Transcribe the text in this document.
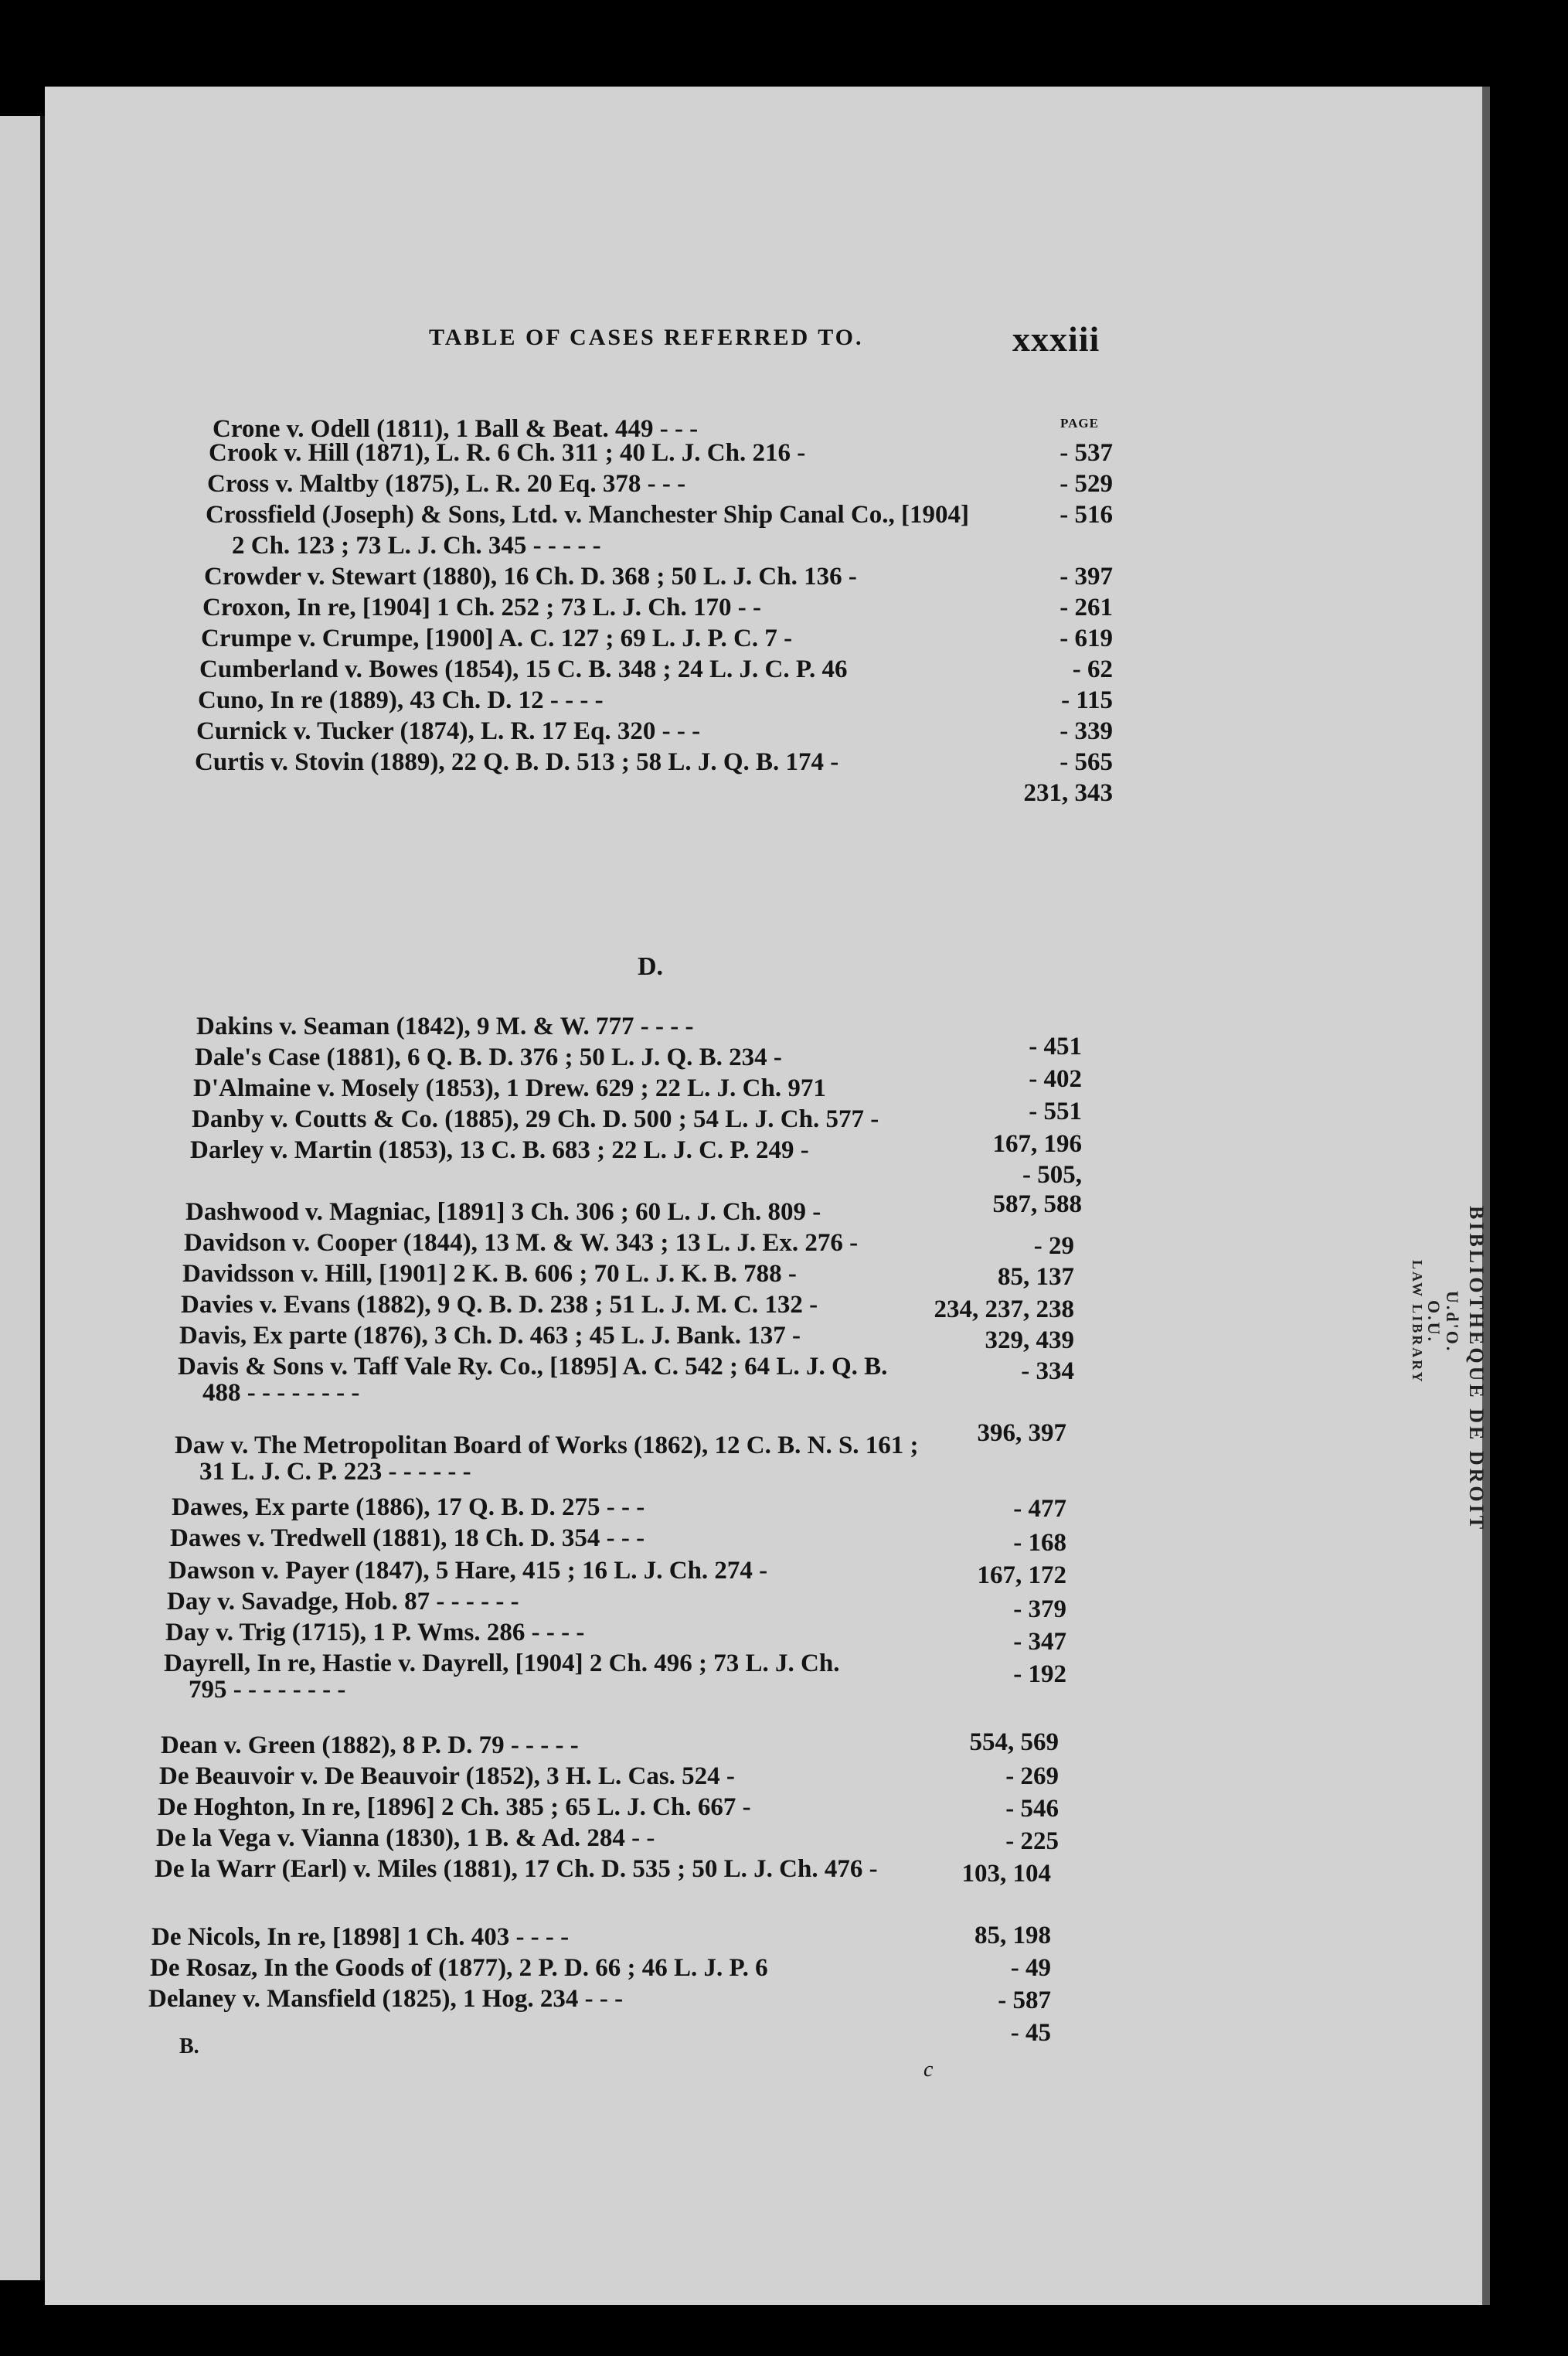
TABLE OF CASES REFERRED TO.	xxxiii
PAGE
Crone v. Odell (1811), 1 Ball & Beat. 449 - - -
Crook v. Hill (1871), L. R. 6 Ch. 311 ; 40 L. J. Ch. 216 -
Cross v. Maltby (1875), L. R. 20 Eq. 378 - - -
Crossfield (Joseph) & Sons, Ltd. v. Manchester Ship Canal Co., [1904]
2 Ch. 123 ; 73 L. J. Ch. 345 - - - - -
Crowder v. Stewart (1880), 16 Ch. D. 368 ; 50 L. J. Ch. 136 -
Croxon, In re, [1904] 1 Ch. 252 ; 73 L. J. Ch. 170 - -
Crumpe v. Crumpe, [1900] A. C. 127 ; 69 L. J. P. C. 7 -
Cumberland v. Bowes (1854), 15 C. B. 348 ; 24 L. J. C. P. 46
Cuno, In re (1889), 43 Ch. D. 12 - - - -
Curnick v. Tucker (1874), L. R. 17 Eq. 320 - - -
Curtis v. Stovin (1889), 22 Q. B. D. 513 ; 58 L. J. Q. B. 174 -
- 537
- 529
- 516
- 397
- 261
- 619
- 62
- 115
- 339
- 565
231, 343
D.
Dakins v. Seaman (1842), 9 M. & W. 777 - - - -
Dale's Case (1881), 6 Q. B. D. 376 ; 50 L. J. Q. B. 234 -
D'Almaine v. Mosely (1853), 1 Drew. 629 ; 22 L. J. Ch. 971
Danby v. Coutts & Co. (1885), 29 Ch. D. 500 ; 54 L. J. Ch. 577 -
Darley v. Martin (1853), 13 C. B. 683 ; 22 L. J. C. P. 249 -
Dashwood v. Magniac, [1891] 3 Ch. 306 ; 60 L. J. Ch. 809 -
Davidson v. Cooper (1844), 13 M. & W. 343 ; 13 L. J. Ex. 276 -
Davidsson v. Hill, [1901] 2 K. B. 606 ; 70 L. J. K. B. 788 -
Davies v. Evans (1882), 9 Q. B. D. 238 ; 51 L. J. M. C. 132 -
Davis, Ex parte (1876), 3 Ch. D. 463 ; 45 L. J. Bank. 137 -
Davis & Sons v. Taff Vale Ry. Co., [1895] A. C. 542 ; 64 L. J. Q. B.
488 - - - - - - - -
Daw v. The Metropolitan Board of Works (1862), 12 C. B. N. S. 161 ;
31 L. J. C. P. 223 - - - - - -
Dawes, Ex parte (1886), 17 Q. B. D. 275 - - -
Dawes v. Tredwell (1881), 18 Ch. D. 354 - - -
Dawson v. Payer (1847), 5 Hare, 415 ; 16 L. J. Ch. 274 -
Day v. Savadge, Hob. 87 - - - - - -
Day v. Trig (1715), 1 P. Wms. 286 - - - -
Dayrell, In re, Hastie v. Dayrell, [1904] 2 Ch. 496 ; 73 L. J. Ch.
795 - - - - - - - -
Dean v. Green (1882), 8 P. D. 79 - - - - -
De Beauvoir v. De Beauvoir (1852), 3 H. L. Cas. 524 -
De Hoghton, In re, [1896] 2 Ch. 385 ; 65 L. J. Ch. 667 -
De la Vega v. Vianna (1830), 1 B. & Ad. 284 - -
De la Warr (Earl) v. Miles (1881), 17 Ch. D. 535 ; 50 L. J. Ch. 476 -
De Nicols, In re, [1898] 1 Ch. 403 - - - -
De Rosaz, In the Goods of (1877), 2 P. D. 66 ; 46 L. J. P. 6
Delaney v. Mansfield (1825), 1 Hog. 234 - - -
- 451
- 402
- 551
167, 196
- 505,
587, 588
- 29
85, 137
234, 237, 238
329, 439
- 334
396, 397
- 477
- 168
167, 172
- 379
- 347
- 192
554, 569
- 269
- 546
- 225
103, 104
85, 198
- 49
- 587
- 45
B.
c
BIBLIOTHEQUE DE DROIT
U.d'O.
O.U.
LAW LIBRARY
